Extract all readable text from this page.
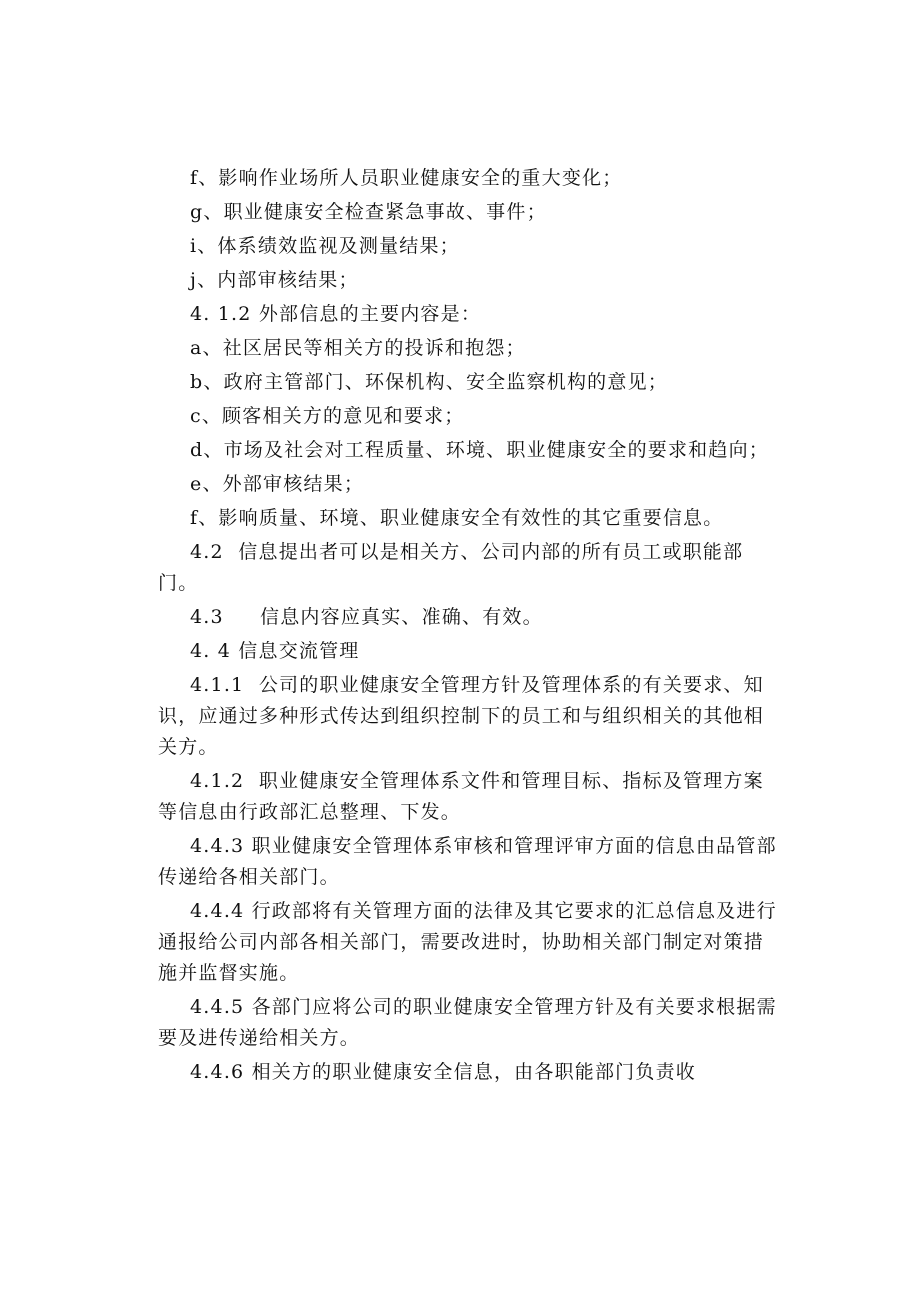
f、影响作业场所人员职业健康安全的重大变化；

g、职业健康安全检查紧急事故、事件；

i、体系绩效监视及测量结果；

j、内部审核结果；

4. 1.2 外部信息的主要内容是：

a、社区居民等相关方的投诉和抱怨；

b、政府主管部门、环保机构、安全监察机构的意见；

c、顾客相关方的意见和要求；

d、市场及社会对工程质量、环境、职业健康安全的要求和趋向；

e、外部审核结果；

f、影响质量、环境、职业健康安全有效性的其它重要信息。

4.2  信息提出者可以是相关方、公司内部的所有员工或职能部门。

4.3     信息内容应真实、准确、有效。

4. 4 信息交流管理

4.1.1  公司的职业健康安全管理方针及管理体系的有关要求、知识，应通过多种形式传达到组织控制下的员工和与组织相关的其他相关方。

4.1.2  职业健康安全管理体系文件和管理目标、指标及管理方案等信息由行政部汇总整理、下发。

4.4.3 职业健康安全管理体系审核和管理评审方面的信息由品管部传递给各相关部门。

4.4.4 行政部将有关管理方面的法律及其它要求的汇总信息及进行通报给公司内部各相关部门，需要改进时，协助相关部门制定对策措施并监督实施。

4.4.5 各部门应将公司的职业健康安全管理方针及有关要求根据需要及进传递给相关方。

4.4.6 相关方的职业健康安全信息，由各职能部门负责收
